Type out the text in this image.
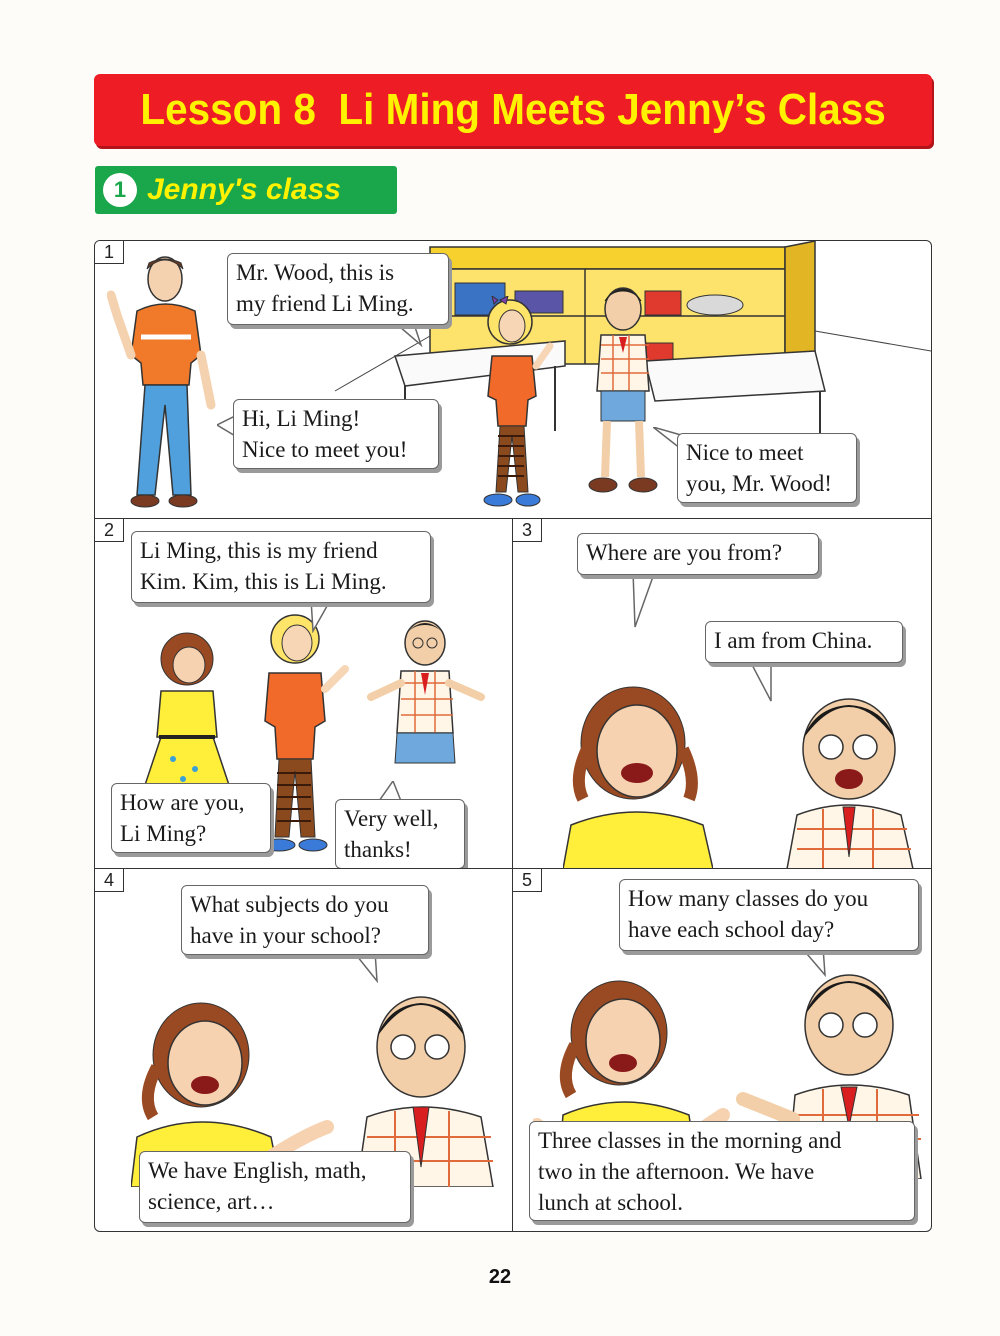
Lesson 8  Li Ming Meets Jenny’s Class
1 Jenny's class
1
Mr. Wood, this is
my friend Li Ming.
Hi, Li Ming!
Nice to meet you!	Nice to meet
you, Mr. Wood!
2
Li Ming, this is my friend
Kim. Kim, this is Li Ming.
How are you,
Li Ming?
Very well,
thanks!
3
Where are you from?
I am from China.
4
What subjects do you
have in your school?
We have English, math,
science, art…
5
How many classes do you
have each school day?
Three classes in the morning and
two in the afternoon. We have
lunch at school.
22
